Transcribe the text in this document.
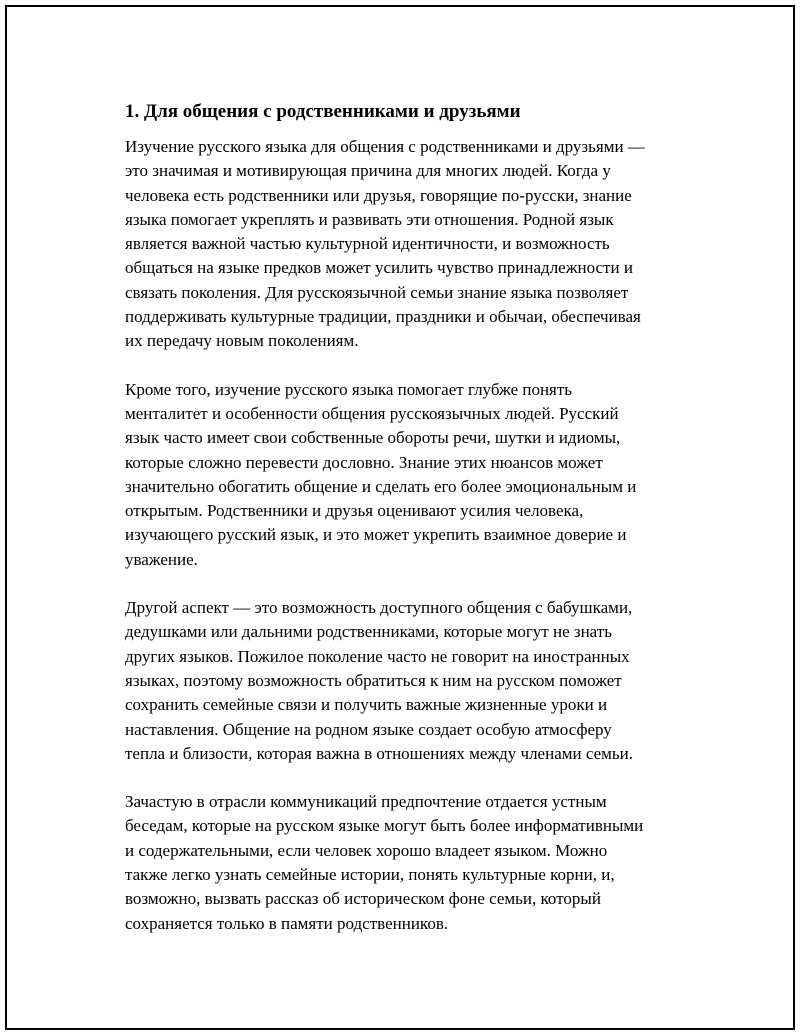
1. Для общения с родственниками и друзьями

Изучение русского языка для общения с родственниками и друзьями —
это значимая и мотивирующая причина для многих людей. Когда у
человека есть родственники или друзья, говорящие по-русски, знание
языка помогает укреплять и развивать эти отношения. Родной язык
является важной частью культурной идентичности, и возможность
общаться на языке предков может усилить чувство принадлежности и
связать поколения. Для русскоязычной семьи знание языка позволяет
поддерживать культурные традиции, праздники и обычаи, обеспечивая
их передачу новым поколениям.

Кроме того, изучение русского языка помогает глубже понять
менталитет и особенности общения русскоязычных людей. Русский
язык часто имеет свои собственные обороты речи, шутки и идиомы,
которые сложно перевести дословно. Знание этих нюансов может
значительно обогатить общение и сделать его более эмоциональным и
открытым. Родственники и друзья оценивают усилия человека,
изучающего русский язык, и это может укрепить взаимное доверие и
уважение.

Другой аспект — это возможность доступного общения с бабушками,
дедушками или дальними родственниками, которые могут не знать
других языков. Пожилое поколение часто не говорит на иностранных
языках, поэтому возможность обратиться к ним на русском поможет
сохранить семейные связи и получить важные жизненные уроки и
наставления. Общение на родном языке создает особую атмосферу
тепла и близости, которая важна в отношениях между членами семьи.

Зачастую в отрасли коммуникаций предпочтение отдается устным
беседам, которые на русском языке могут быть более информативными
и содержательными, если человек хорошо владеет языком. Можно
также легко узнать семейные истории, понять культурные корни, и,
возможно, вызвать рассказ об историческом фоне семьи, который
сохраняется только в памяти родственников.
